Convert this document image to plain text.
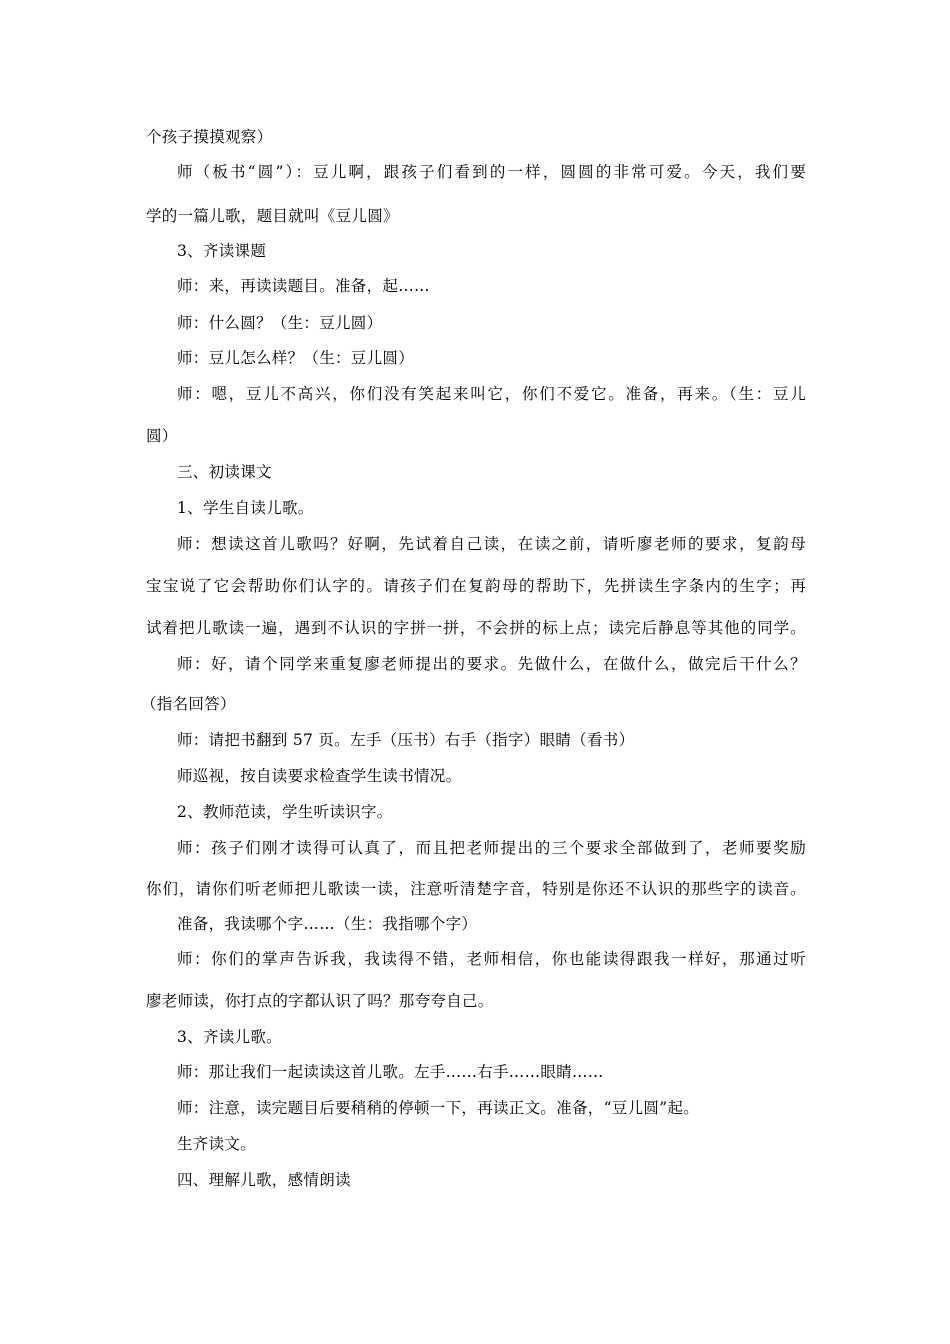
个孩子摸摸观察）
师（板书“圆”）：豆儿啊，跟孩子们看到的一样，圆圆的非常可爱。今天，我们要
学的一篇儿歌，题目就叫《豆儿圆》
3、齐读课题
师：来，再读读题目。准备，起……
师：什么圆？（生：豆儿圆）
师：豆儿怎么样？（生：豆儿圆）
师：嗯，豆儿不高兴，你们没有笑起来叫它，你们不爱它。准备，再来。（生：豆儿
圆）
三、初读课文
1、学生自读儿歌。
师：想读这首儿歌吗？好啊，先试着自己读，在读之前，请听廖老师的要求，复韵母
宝宝说了它会帮助你们认字的。请孩子们在复韵母的帮助下，先拼读生字条内的生字；再
试着把儿歌读一遍，遇到不认识的字拼一拼，不会拼的标上点；读完后静息等其他的同学。
师：好，请个同学来重复廖老师提出的要求。先做什么，在做什么，做完后干什么？
（指名回答）
师：请把书翻到 57 页。左手（压书）右手（指字）眼睛（看书）
师巡视，按自读要求检查学生读书情况。
2、教师范读，学生听读识字。
师：孩子们刚才读得可认真了，而且把老师提出的三个要求全部做到了，老师要奖励
你们，请你们听老师把儿歌读一读，注意听清楚字音，特别是你还不认识的那些字的读音。
准备，我读哪个字……（生：我指哪个字）
师：你们的掌声告诉我，我读得不错，老师相信，你也能读得跟我一样好，那通过听
廖老师读，你打点的字都认识了吗？那夸夸自己。
3、齐读儿歌。
师：那让我们一起读读这首儿歌。左手……右手……眼睛……
师：注意，读完题目后要稍稍的停顿一下，再读正文。准备，“豆儿圆”起。
生齐读文。
四、理解儿歌，感情朗读
